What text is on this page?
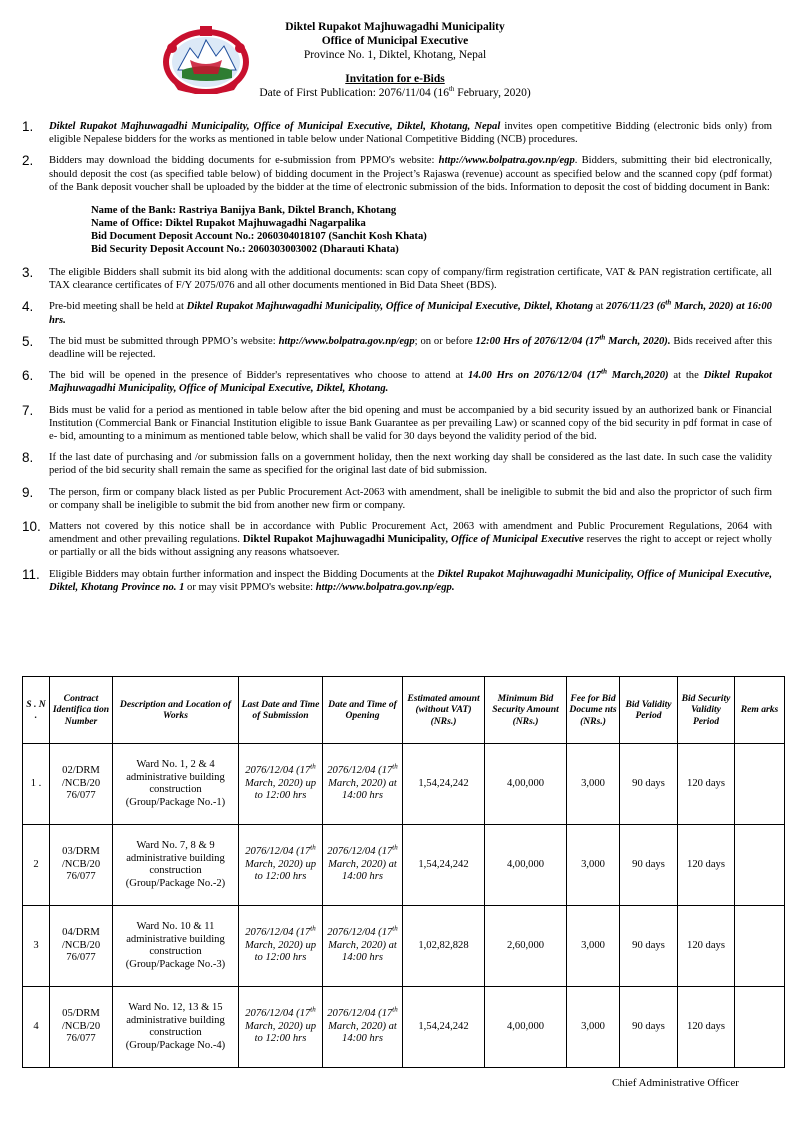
Diktel Rupakot Majhuwagadhi Municipality
Office of Municipal Executive
Province No. 1, Diktel, Khotang, Nepal
Invitation for e-Bids
Date of First Publication: 2076/11/04 (16th February, 2020)
1.	Diktel Rupakot Majhuwagadhi Municipality, Office of Municipal Executive, Diktel, Khotang, Nepal invites open competitive Bidding (electronic bids only) from eligible Nepalese bidders for the works as mentioned in table below under National Competitive Bidding (NCB) procedures.
2.	Bidders may download the bidding documents for e-submission from PPMO's website: http://www.bolpatra.gov.np/egp. Bidders, submitting their bid electronically, should deposit the cost (as specified table below) of bidding document in the Project’s Rajaswa (revenue) account as specified below and the scanned copy (pdf format) of the Bank deposit voucher shall be uploaded by the bidder at the time of electronic submission of the bids. Information to deposit the cost of bidding document in Bank:
Name of the Bank: Rastriya Banijya Bank, Diktel Branch, Khotang
Name of Office: Diktel Rupakot Majhuwagadhi Nagarpalika
Bid Document Deposit Account No.: 2060304018107 (Sanchit Kosh Khata)
Bid Security Deposit Account No.: 2060303003002 (Dharauti Khata)
3.	The eligible Bidders shall submit its bid along with the additional documents: scan copy of company/firm registration certificate, VAT & PAN registration certificate, all TAX clearance certificates of F/Y 2075/076 and all other documents mentioned in Bid Data Sheet (BDS).
4.	Pre-bid meeting shall be held at Diktel Rupakot Majhuwagadhi Municipality, Office of Municipal Executive, Diktel, Khotang at 2076/11/23 (6th March, 2020) at 16:00 hrs.
5.	The bid must be submitted through PPMO’s website: http://www.bolpatra.gov.np/egp; on or before 12:00 Hrs of 2076/12/04 (17th March, 2020). Bids received after this deadline will be rejected.
6.	The bid will be opened in the presence of Bidder's representatives who choose to attend at 14.00 Hrs on 2076/12/04 (17th March,2020) at the Diktel Rupakot Majhuwagadhi Municipality, Office of Municipal Executive, Diktel, Khotang.
7.	Bids must be valid for a period as mentioned in table below after the bid opening and must be accompanied by a bid security issued by an authorized bank or Financial Institution (Commercial Bank or Financial Institution eligible to issue Bank Guarantee as per prevailing Law) or scanned copy of the bid security in pdf format in case of e- bid, amounting to a minimum as mentioned table below, which shall be valid for 30 days beyond the validity period of the bid.
8.	If the last date of purchasing and /or submission falls on a government holiday, then the next working day shall be considered as the last date. In such case the validity period of the bid security shall remain the same as specified for the original last date of bid submission.
9.	The person, firm or company black listed as per Public Procurement Act-2063 with amendment, shall be ineligible to submit the bid and also the proprictor of such firm or company shall be ineligible to submit the bid from another new firm or company.
10. Matters not covered by this notice shall be in accordance with Public Procurement Act, 2063 with amendment and Public Procurement Regulations, 2064 with amendment and other prevailing regulations. Diktel Rupakot Majhuwagadhi Municipality, Office of Municipal Executive reserves the right to accept or reject wholly or partially or all the bids without assigning any reasons whatsoever.
11. Eligible Bidders may obtain further information and inspect the Bidding Documents at the Diktel Rupakot Majhuwagadhi Municipality, Office of Municipal Executive, Diktel, Khotang Province no. 1 or may visit PPMO's website: http://www.bolpatra.gov.np/egp.
S . N .	Contract Identifica tion Number	Description and Location of Works	Last Date and Time of Submission	Date and Time of Opening	Estimated amount (without VAT) (NRs.)	Minimum Bid Security Amount (NRs.)	Fee for Bid Docume nts (NRs.)	Bid Validity Period	Bid Security Validity Period	Rem arks
1 .	02/DRM /NCB/20 76/077	Ward No. 1, 2 & 4 administrative building construction (Group/Package No.-1)	2076/12/04 (17th March, 2020) up to 12:00 hrs	2076/12/04 (17th March, 2020) at 14:00 hrs	1,54,24,242	4,00,000	3,000	90 days	120 days	
2	03/DRM /NCB/20 76/077	Ward No. 7, 8 & 9 administrative building construction (Group/Package No.-2)	2076/12/04 (17th March, 2020) up to 12:00 hrs	2076/12/04 (17th March, 2020) at 14:00 hrs	1,54,24,242	4,00,000	3,000	90 days	120 days	
3	04/DRM /NCB/20 76/077	Ward No. 10 & 11 administrative building construction (Group/Package No.-3)	2076/12/04 (17th March, 2020) up to 12:00 hrs	2076/12/04 (17th March, 2020) at 14:00 hrs	1,02,82,828	2,60,000	3,000	90 days	120 days	
4	05/DRM /NCB/20 76/077	Ward No. 12, 13 & 15 administrative building construction (Group/Package No.-4)	2076/12/04 (17th March, 2020) up to 12:00 hrs	2076/12/04 (17th March, 2020) at 14:00 hrs	1,54,24,242	4,00,000	3,000	90 days	120 days	
Chief Administrative Officer
